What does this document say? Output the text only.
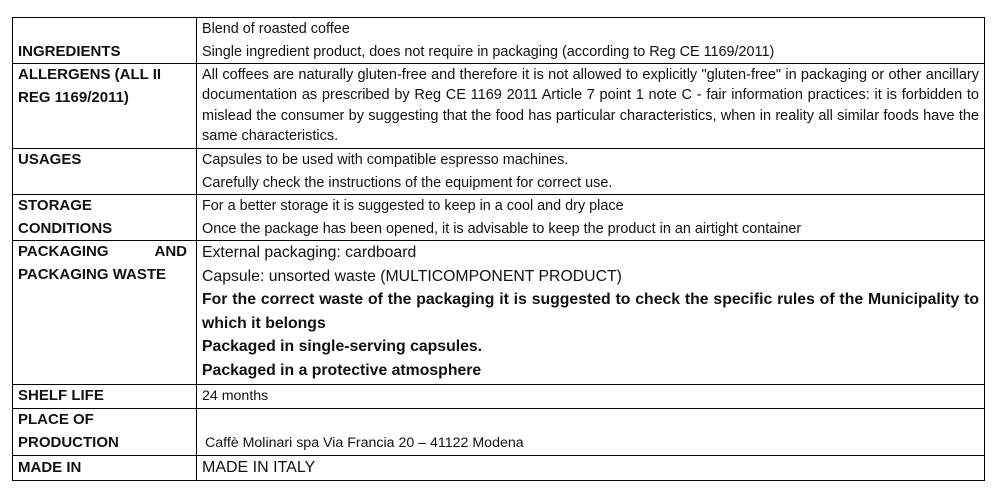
INGREDIENTS	Blend of roasted coffee
Single ingredient product, does not require in packaging (according to Reg CE 1169/2011)

ALLERGENS (ALL II
REG 1169/2011)	All coffees are naturally gluten-free and therefore it is not allowed to explicitly "gluten-free" in packaging or other ancillary documentation as prescribed by Reg CE 1169 2011 Article 7 point 1 note C - fair information practices: it is forbidden to mislead the consumer by suggesting that the food has particular characteristics, when in reality all similar foods have the same characteristics.

USAGES	Capsules to be used with compatible espresso machines.
Carefully check the instructions of the equipment for correct use.

STORAGE
CONDITIONS	For a better storage it is suggested to keep in a cool and dry place
Once the package has been opened, it is advisable to keep the product in an airtight container

PACKAGING AND
PACKAGING WASTE	External packaging: cardboard
Capsule: unsorted waste (MULTICOMPONENT PRODUCT)
For the correct waste of the packaging it is suggested to check the specific rules of the Municipality to which it belongs
Packaged in single-serving capsules.
Packaged in a protective atmosphere

SHELF LIFE	24 months

PLACE OF
PRODUCTION	Caffè Molinari spa Via Francia 20 – 41122 Modena

MADE IN	MADE IN ITALY
